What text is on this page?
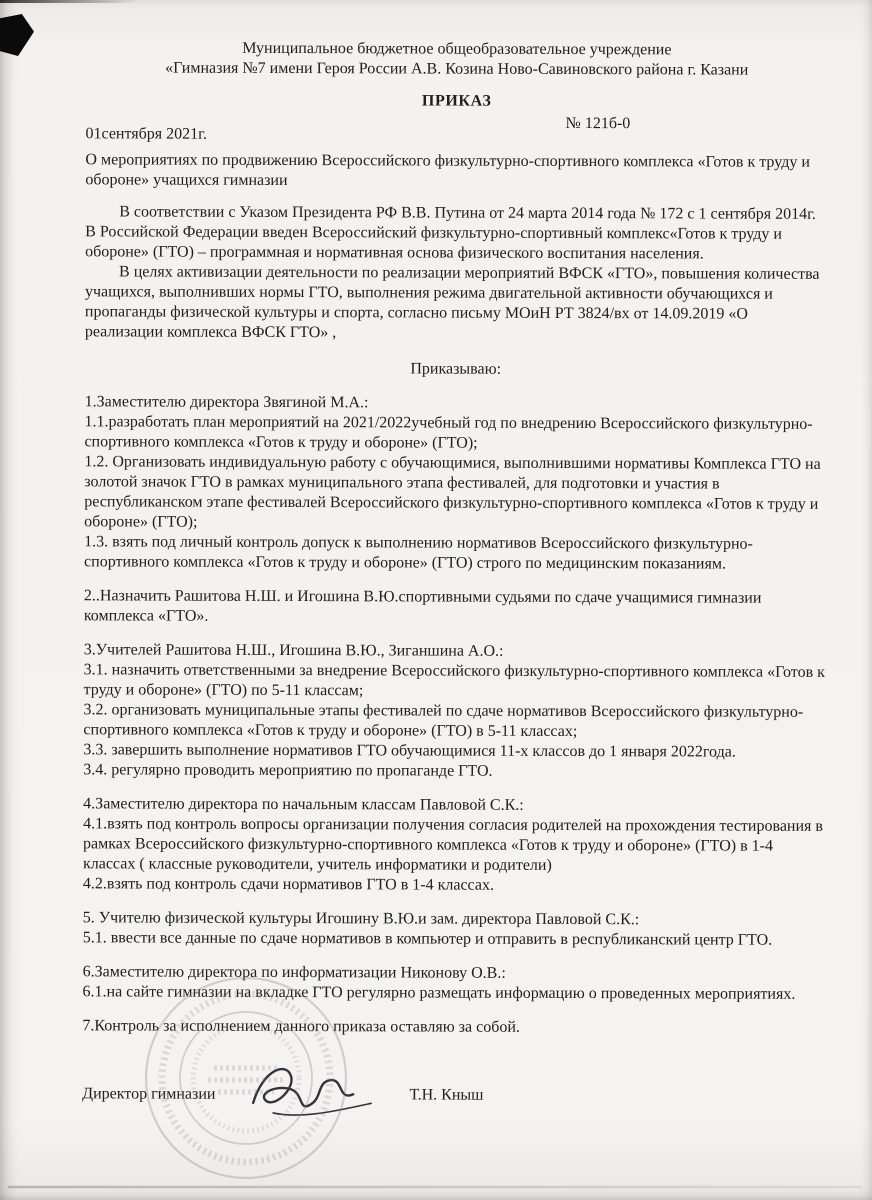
Муниципальное бюджетное общеобразовательное учреждение
«Гимназия №7 имени Героя России А.В. Козина Ново-Савиновского района г. Казани
ПРИКАЗ
№ 121б-0
01сентября 2021г.

О мероприятиях по продвижению Всероссийского физкультурно-спортивного комплекса «Готов к труду и обороне» учащихся гимназии

В соответствии с Указом Президента РФ В.В. Путина от 24 марта 2014 года № 172 с 1 сентября 2014г. В Российской Федерации введен Всероссийский физкультурно-спортивный комплекс«Готов к труду и обороне» (ГТО) – программная и нормативная основа физического воспитания населения.

В целях активизации деятельности по реализации мероприятий ВФСК «ГТО», повышения количества учащихся, выполнивших нормы ГТО, выполнения режима двигательной активности обучающихся и пропаганды физической культуры и спорта, согласно письму МОиН РТ 3824/вх от 14.09.2019 «О реализации комплекса ВФСК ГТО» ,

Приказываю:

1.Заместителю директора Звягиной М.А.:

1.1.разработать план мероприятий на 2021/2022учебный год по внедрению Всероссийского физкультурно-спортивного комплекса «Готов к труду и обороне» (ГТО);

1.2. Организовать индивидуальную работу с обучающимися, выполнившими нормативы Комплекса ГТО на золотой значок ГТО в рамках муниципального этапа фестивалей, для подготовки и участия в республиканском этапе фестивалей Всероссийского физкультурно-спортивного комплекса «Готов к труду и обороне» (ГТО);

1.3. взять под личный контроль допуск к выполнению нормативов Всероссийского физкультурно-спортивного комплекса «Готов к труду и обороне» (ГТО) строго по медицинским показаниям.

2..Назначить Рашитова Н.Ш. и Игошина В.Ю.спортивными судьями по сдаче учащимися гимназии комплекса «ГТО».

3.Учителей Рашитова Н.Ш., Игошина В.Ю., Зиганшина А.О.:

3.1. назначить ответственными за внедрение Всероссийского физкультурно-спортивного комплекса «Готов к труду и обороне» (ГТО) по 5-11 классам;

3.2. организовать муниципальные этапы фестивалей по сдаче нормативов Всероссийского физкультурно-спортивного комплекса «Готов к труду и обороне» (ГТО) в 5-11 классах;

3.3. завершить выполнение нормативов ГТО обучающимися 11-х классов до 1 января 2022года.

3.4. регулярно проводить мероприятию по пропаганде ГТО.

4.Заместителю директора по начальным классам Павловой С.К.:

4.1.взять под контроль вопросы организации получения согласия родителей на прохождения тестирования в рамках Всероссийского физкультурно-спортивного комплекса «Готов к труду и обороне» (ГТО) в 1-4 классах ( классные руководители, учитель информатики и родители)

4.2.взять под контроль сдачи нормативов ГТО в 1-4 классах.

5. Учителю физической культуры Игошину В.Ю.и зам. директора Павловой С.К.:

5.1. ввести все данные по сдаче нормативов в компьютер и отправить в республиканский центр ГТО.

6.Заместителю директора по информатизации Никонову О.В.:

6.1.на сайте гимназии на вкладке ГТО регулярно размещать информацию о проведенных мероприятиях.

7.Контроль за исполнением данного приказа оставляю за собой.

Директор гимназии	Т.Н. Кныш
